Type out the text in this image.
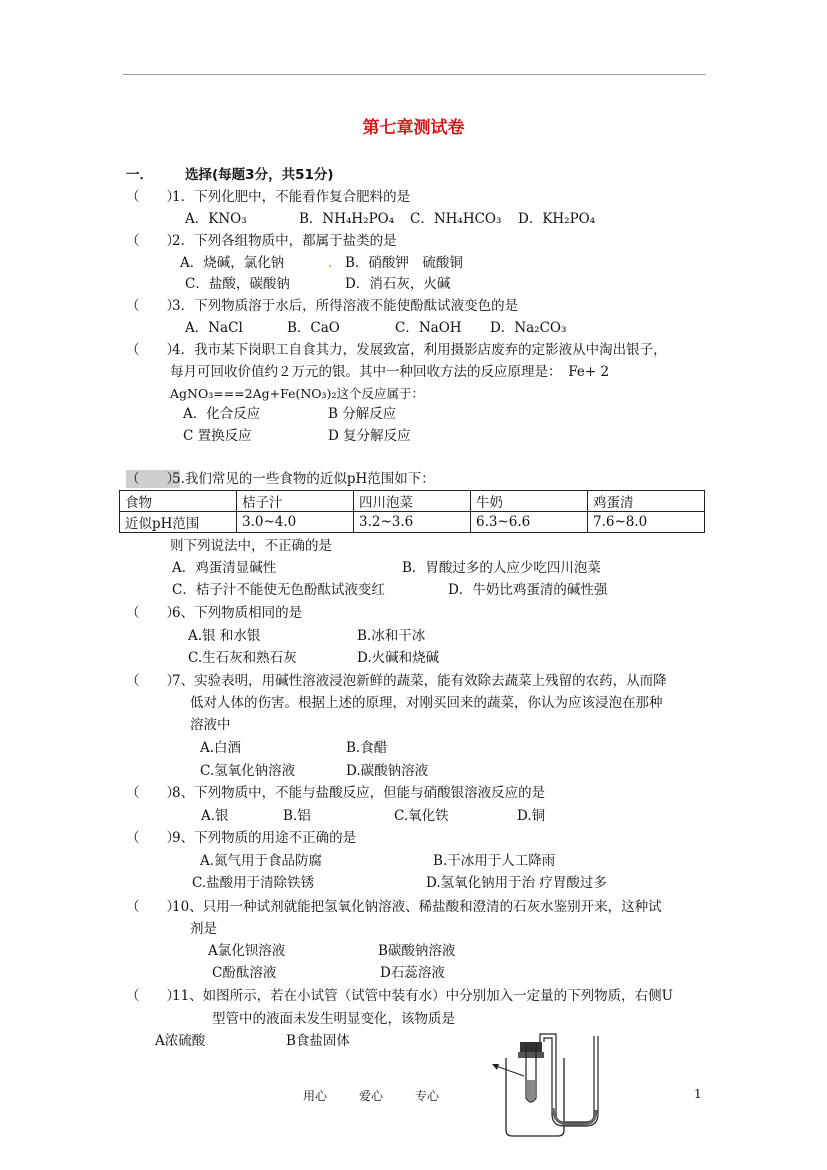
第七章测试卷
一． 选择(每题3分，共51分)
（　　）
1．下列化肥中，不能看作复合肥料的是
A．KNO₃	B．NH₄H₂PO₄ C．NH₄HCO₃ D．KH₂PO₄
（　　）
2．下列各组物质中，都属于盐类的是
A．烧碱，氯化钠	. B．硝酸钾　硫酸铜
C．盐酸，碳酸钠	D．消石灰，火碱
（　　）
3．下列物质溶于水后，所得溶液不能使酚酞试液变色的是
A．NaCl	B．CaO	C．NaOH D．Na₂CO₃
（　　）
4．我市某下岗职工自食其力，发展致富，利用摄影店废弃的定影液从中淘出银子，
每月可回收价值约２万元的银。其中一种回收方法的反应原理是：　Fe+ 2
AgNO₃===2Ag+Fe(NO₃)₂这个反应属于：
A．化合反应	B 分解反应
C 置换反应	D 复分解反应
（　　）
5.我们常见的一些食物的近似pH范围如下：
食物	桔子汁	四川泡菜	牛奶	鸡蛋清
近似pH范围	3.0~4.0	3.2~3.6	6.3~6.6	7.6~8.0
则下列说法中，不正确的是
A．鸡蛋清显碱性	B．胃酸过多的人应少吃四川泡菜
C．桔子汁不能使无色酚酞试液变红	D．牛奶比鸡蛋清的碱性强
（　　）
6、下列物质相同的是
A.银 和水银	B.冰和干冰
C.生石灰和熟石灰	D.火碱和烧碱
（　　）
7、实验表明，用碱性溶液浸泡新鲜的蔬菜，能有效除去蔬菜上残留的农药，从而降
低对人体的伤害。根据上述的原理，对刚买回来的蔬菜，你认为应该浸泡在那种
溶液中
A.白酒	B.食醋
C.氢氧化钠溶液	D.碳酸钠溶液
（　　）
8、下列物质中，不能与盐酸反应，但能与硝酸银溶液反应的是
A.银	B.铝	C.氧化铁	D.铜
（　　）
9、下列物质的用途不正确的是
A.氮气用于食品防腐	B.干冰用于人工降雨
C.盐酸用于清除铁锈	D.氢氧化钠用于治 疗胃酸过多
（　　）
10、只用一种试剂就能把氢氧化钠溶液、稀盐酸和澄清的石灰水鉴别开来，这种试
剂是
A氯化钡溶液	B碳酸钠溶液
C酚酞溶液	D石蕊溶液
（　　）
11、如图所示，若在小试管（试管中装有水）中分别加入一定量的下列物质，右侧U
型管中的液面未发生明显变化，该物质是
A浓硫酸	B食盐固体
用心	爱心	专心	1
